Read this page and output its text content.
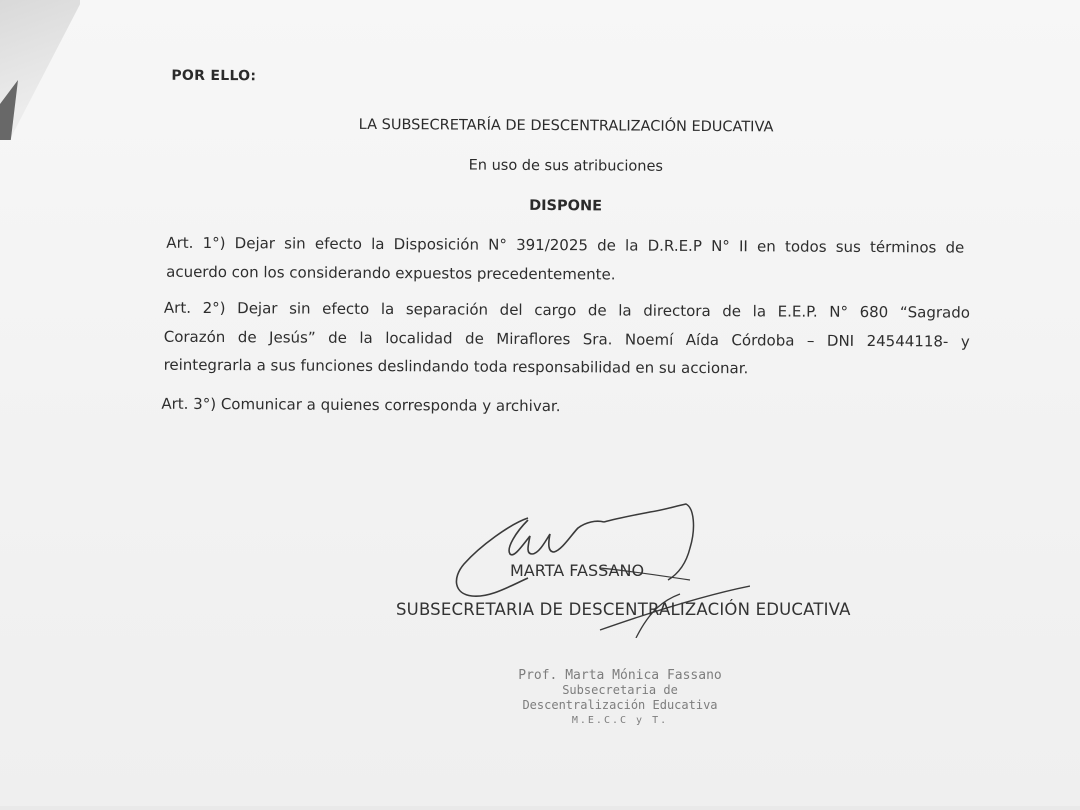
POR ELLO:
LA SUBSECRETARÍA DE DESCENTRALIZACIÓN EDUCATIVA
En uso de sus atribuciones
DISPONE
Art. 1°) Dejar sin efecto la Disposición N° 391/2025 de la D.R.E.P N° II en todos sus términos de
acuerdo con los considerando expuestos precedentemente.
Art. 2°) Dejar sin efecto la separación del cargo de la directora de la E.E.P. N° 680 “Sagrado
Corazón de Jesús” de la localidad de Miraflores Sra. Noemí Aída Córdoba – DNI 24544118- y
reintegrarla a sus funciones deslindando toda responsabilidad en su accionar.
Art. 3°) Comunicar a quienes corresponda y archivar.
MARTA FASSANO
SUBSECRETARIA DE DESCENTRALIZACIÓN EDUCATIVA
Prof. Marta Mónica Fassano
Subsecretaria de
Descentralización Educativa
M.E.C.C y T.
